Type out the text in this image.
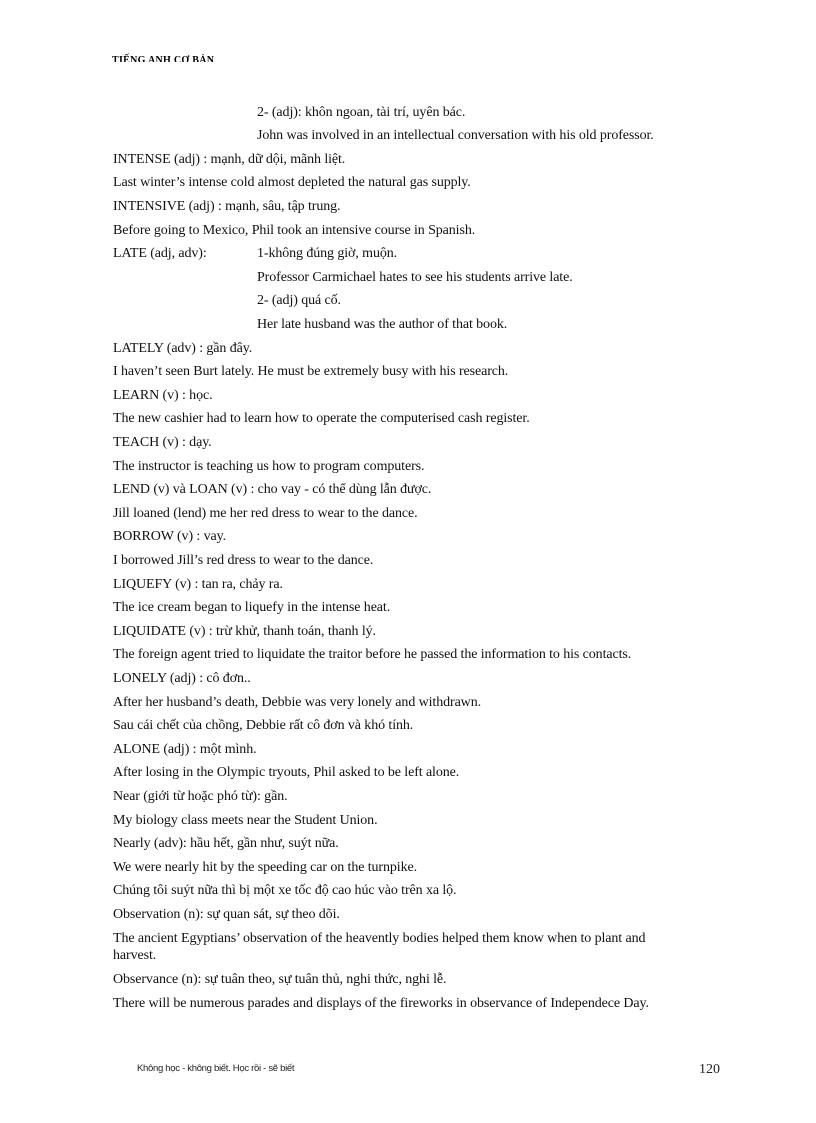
TIẾNG ANH CƠ BẢN
2- (adj): khôn ngoan, tài trí, uyên bác.
John was involved in an intellectual conversation with his old professor.
INTENSE (adj) : mạnh, dữ dội, mãnh liệt.
Last winter’s intense cold almost depleted the natural gas supply.
INTENSIVE (adj) : mạnh, sâu, tập trung.
Before going to Mexico, Phil took an intensive course in Spanish.
LATE (adj, adv):	1-không đúng giờ, muộn.
Professor Carmichael hates to see his students arrive late.
2- (adj) quá cố.
Her late husband was the author of that book.
LATELY (adv) : gần đây.
I haven’t seen Burt lately. He must be extremely busy with his research.
LEARN (v) : học.
The new cashier had to learn how to operate the computerised cash register.
TEACH (v) : dạy.
The instructor is teaching us how to program computers.
LEND (v) và LOAN (v) : cho vay - có thể dùng lẫn được.
Jill loaned (lend) me her red dress to wear to the dance.
BORROW (v) : vay.
I borrowed Jill’s red dress to wear to the dance.
LIQUEFY (v) : tan ra, chảy ra.
The ice cream began to liquefy in the intense heat.
LIQUIDATE (v) : trừ khử, thanh toán, thanh lý.
The foreign agent tried to liquidate the traitor before he passed the information to his contacts.
LONELY (adj) : cô đơn..
After her husband’s death, Debbie was very lonely and withdrawn.
Sau cái chết của chồng, Debbie rất cô đơn và khó tính.
ALONE (adj) : một mình.
After losing in the Olympic tryouts, Phil asked to be left alone.
Near (giới từ hoặc phó từ): gần.
My biology class meets near the Student Union.
Nearly (adv): hầu hết, gần như, suýt nữa.
We were nearly hit by the speeding car on the turnpike.
Chúng tôi suýt nữa thì bị một xe tốc độ cao húc vào trên xa lộ.
Observation (n): sự quan sát, sự theo dõi.
The ancient Egyptians’ observation of the heavently bodies helped them know when to plant and harvest.
Observance (n): sự tuân theo, sự tuân thủ, nghi thức, nghi lễ.
There will be numerous parades and displays of the fireworks in observance of Independece Day.
Không học - không biết. Học rồi - sẽ biết	120
